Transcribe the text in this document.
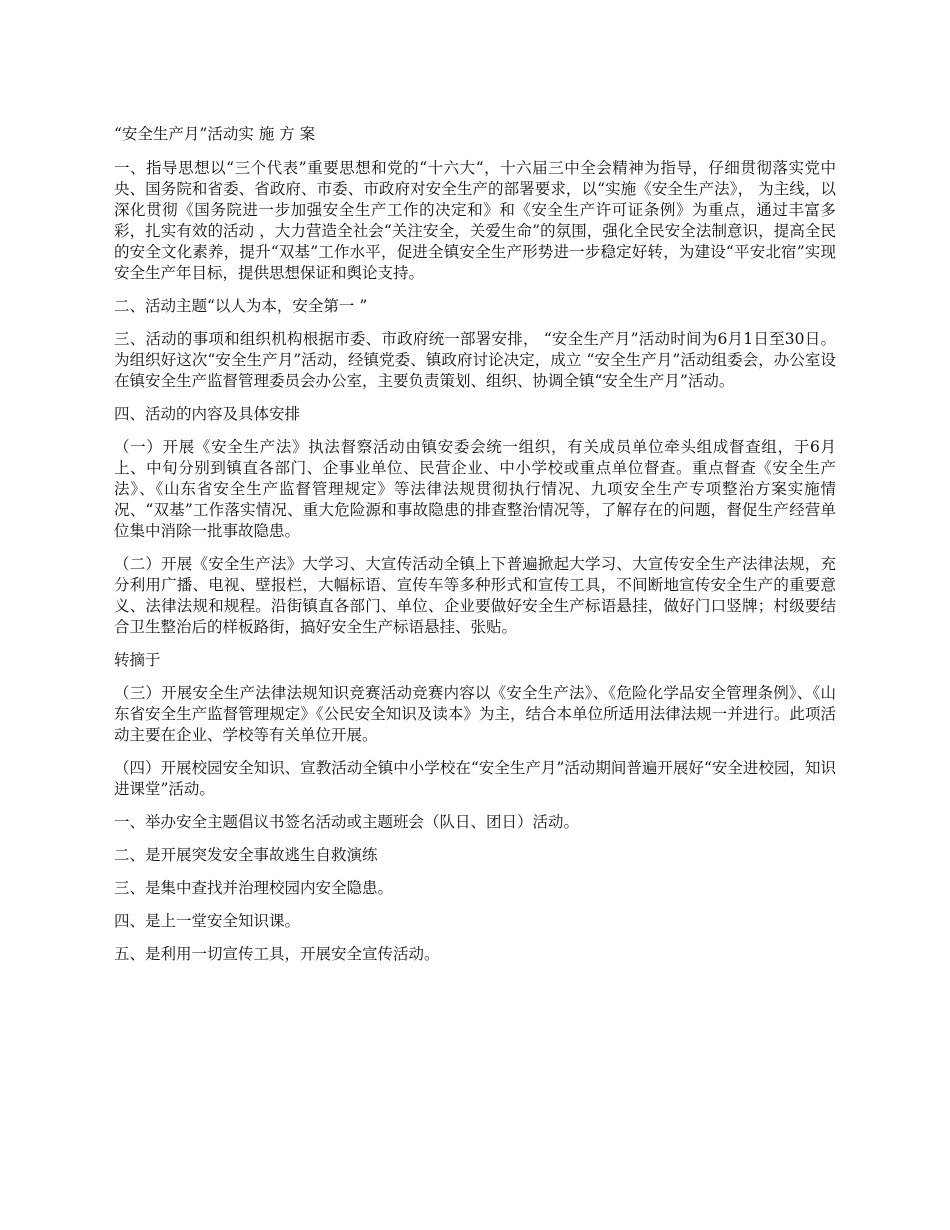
“安全生产月”活动实 施 方 案

一、指导思想以“三个代表”重要思想和党的“十六大“，十六届三中全会精神为指导，仔细贯彻落实党中央、国务院和省委、省政府、市委、市政府对安全生产的部署要求，以“实施《安全生产法》， 为主线，以深化贯彻《国务院进一步加强安全生产工作的决定和》和《安全生产许可证条例》为重点，通过丰富多彩，扎实有效的活动 ，大力营造全社会“关注安全，关爱生命”的氛围，强化全民安全法制意识，提高全民的安全文化素养，提升“双基”工作水平，促进全镇安全生产形势进一步稳定好转，为建设“平安北宿”实现安全生产年目标，提供思想保证和舆论支持。

二、活动主题“以人为本，安全第一 ”

三、活动的事项和组织机构根据市委、市政府统一部署安排， “安全生产月”活动时间为6月1日至30日。为组织好这次“安全生产月”活动，经镇党委、镇政府讨论决定，成立 “安全生产月”活动组委会，办公室设在镇安全生产监督管理委员会办公室，主要负责策划、组织、协调全镇“安全生产月”活动。

四、活动的内容及具体安排

（一）开展《安全生产法》执法督察活动由镇安委会统一组织，有关成员单位牵头组成督查组，于6月上、中旬分别到镇直各部门、企事业单位、民营企业、中小学校或重点单位督查。重点督查《安全生产法》、《山东省安全生产监督管理规定》等法律法规贯彻执行情况、九项安全生产专项整治方案实施情况、“双基”工作落实情况、重大危险源和事故隐患的排查整治情况等，了解存在的问题，督促生产经营单位集中消除一批事故隐患。

（二）开展《安全生产法》大学习、大宣传活动全镇上下普遍掀起大学习、大宣传安全生产法律法规，充分利用广播、电视、壁报栏，大幅标语、宣传车等多种形式和宣传工具，不间断地宣传安全生产的重要意义、法律法规和规程。沿街镇直各部门、单位、企业要做好安全生产标语悬挂，做好门口竖牌；村级要结合卫生整治后的样板路街，搞好安全生产标语悬挂、张贴。

转摘于

（三）开展安全生产法律法规知识竞赛活动竞赛内容以《安全生产法》、《危险化学品安全管理条例》、《山东省安全生产监督管理规定》《公民安全知识及读本》为主，结合本单位所适用法律法规一并进行。此项活动主要在企业、学校等有关单位开展。

（四）开展校园安全知识、宣教活动全镇中小学校在“安全生产月”活动期间普遍开展好“安全进校园，知识进课堂”活动。

一、举办安全主题倡议书签名活动或主题班会（队日、团日）活动。

二、是开展突发安全事故逃生自救演练

三、是集中查找并治理校园内安全隐患。

四、是上一堂安全知识课。

五、是利用一切宣传工具，开展安全宣传活动。
